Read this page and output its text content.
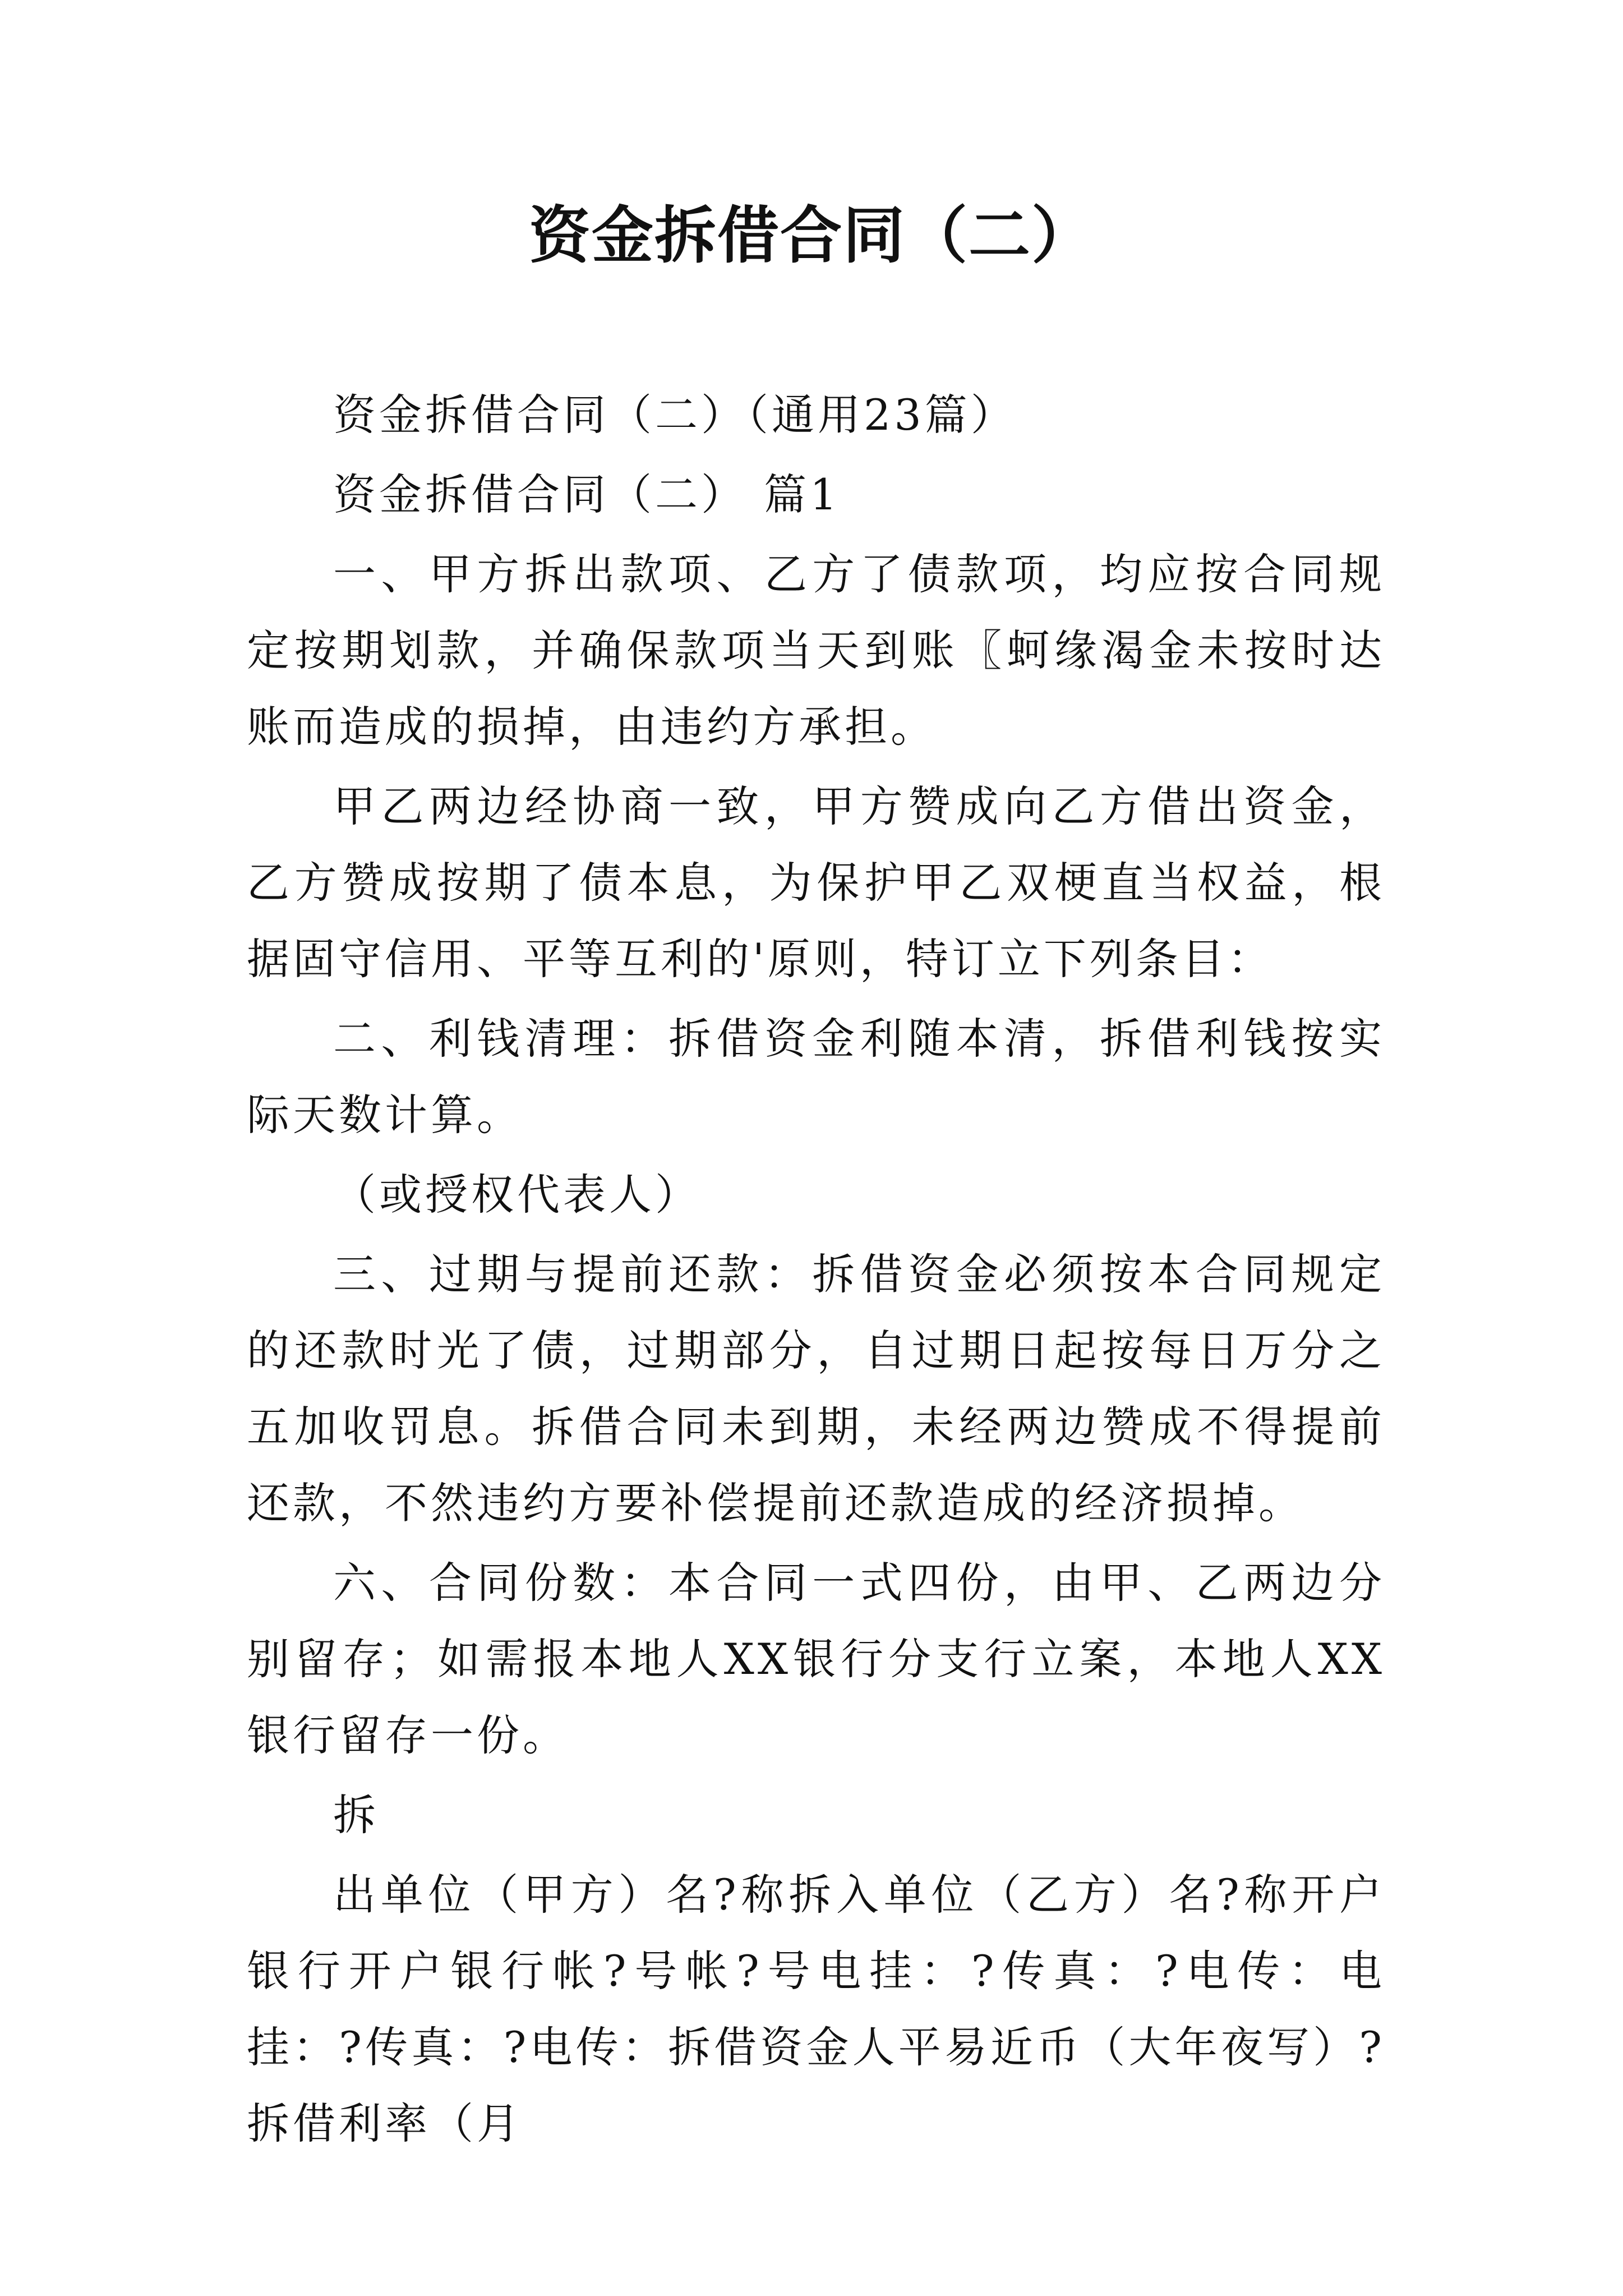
资金拆借合同（二）

资金拆借合同（二）（通用23篇）

资金拆借合同（二） 篇1

一、甲方拆出款项、乙方了债款项，均应按合同规定按期划款，并确保款项当天到账〖蚵缘渴金未按时达账而造成的损掉，由违约方承担。

甲乙两边经协商一致，甲方赞成向乙方借出资金，乙方赞成按期了债本息，为保护甲乙双梗直当权益，根据固守信用、平等互利的'原则，特订立下列条目：

二、利钱清理：拆借资金利随本清，拆借利钱按实际天数计算。

（或授权代表人）

三、过期与提前还款：拆借资金必须按本合同规定的还款时光了债，过期部分，自过期日起按每日万分之五加收罚息。拆借合同未到期，未经两边赞成不得提前还款，不然违约方要补偿提前还款造成的经济损掉。

六、合同份数：本合同一式四份，由甲、乙两边分别留存；如需报本地人XX银行分支行立案，本地人XX银行留存一份。

拆

出单位（甲方）名?称拆入单位（乙方）名?称开户银行开户银行帐?号帐?号电挂：?传真：?电传：电挂：?传真：?电传：拆借资金人平易近币（大年夜写）?拆借利率（月
